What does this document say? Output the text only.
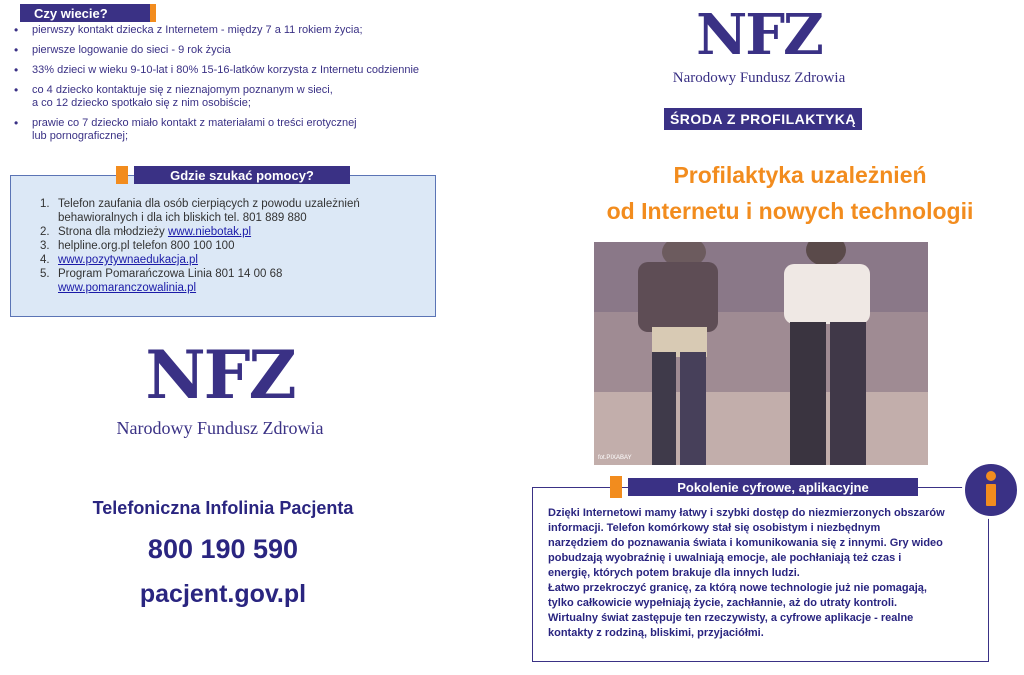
Czy wiecie?
• pierwszy kontakt dziecka z Internetem - między 7 a 11 rokiem życia;
• pierwsze logowanie do sieci - 9 rok życia
• 33% dzieci w wieku 9-10-lat i 80% 15-16-latków korzysta z Internetu codziennie
• co 4 dziecko kontaktuje się z nieznajomym poznanym w sieci,
a co 12 dziecko spotkało się z nim osobiście;
• prawie co 7 dziecko miało kontakt z materiałami o treści erotycznej
lub pornograficznej;
Gdzie szukać pomocy?
1. Telefon zaufania dla osób cierpiących z powodu uzależnień behawioralnych i dla ich bliskich tel. 801 889 880
2. Strona dla młodzieży www.niebotak.pl
3. helpline.org.pl telefon 800 100 100
4. www.pozytywnaedukacja.pl
5. Program Pomarańczowa Linia 801 14 00 68
www.pomaranczowalinia.pl
NFZ
Narodowy Fundusz Zdrowia
Telefoniczna Infolinia Pacjenta
800 190 590
pacjent.gov.pl
NFZ
Narodowy Fundusz Zdrowia
ŚRODA Z PROFILAKTYKĄ
Profilaktyka uzależnień
od Internetu i nowych technologii
fot.PIXABAY
Pokolenie cyfrowe, aplikacyjne
Dzięki Internetowi mamy łatwy i szybki dostęp do niezmierzonych obszarów
informacji. Telefon komórkowy stał się osobistym i niezbędnym
narzędziem do poznawania świata i komunikowania się z innymi. Gry wideo
pobudzają wyobraźnię i uwalniają emocje, ale pochłaniają też czas i
energię, których potem brakuje dla innych ludzi.
Łatwo przekroczyć granicę, za którą nowe technologie już nie pomagają,
tylko całkowicie wypełniają życie, zachłannie, aż do utraty kontroli.
Wirtualny świat zastępuje ten rzeczywisty, a cyfrowe aplikacje - realne
kontakty z rodziną, bliskimi, przyjaciółmi.
